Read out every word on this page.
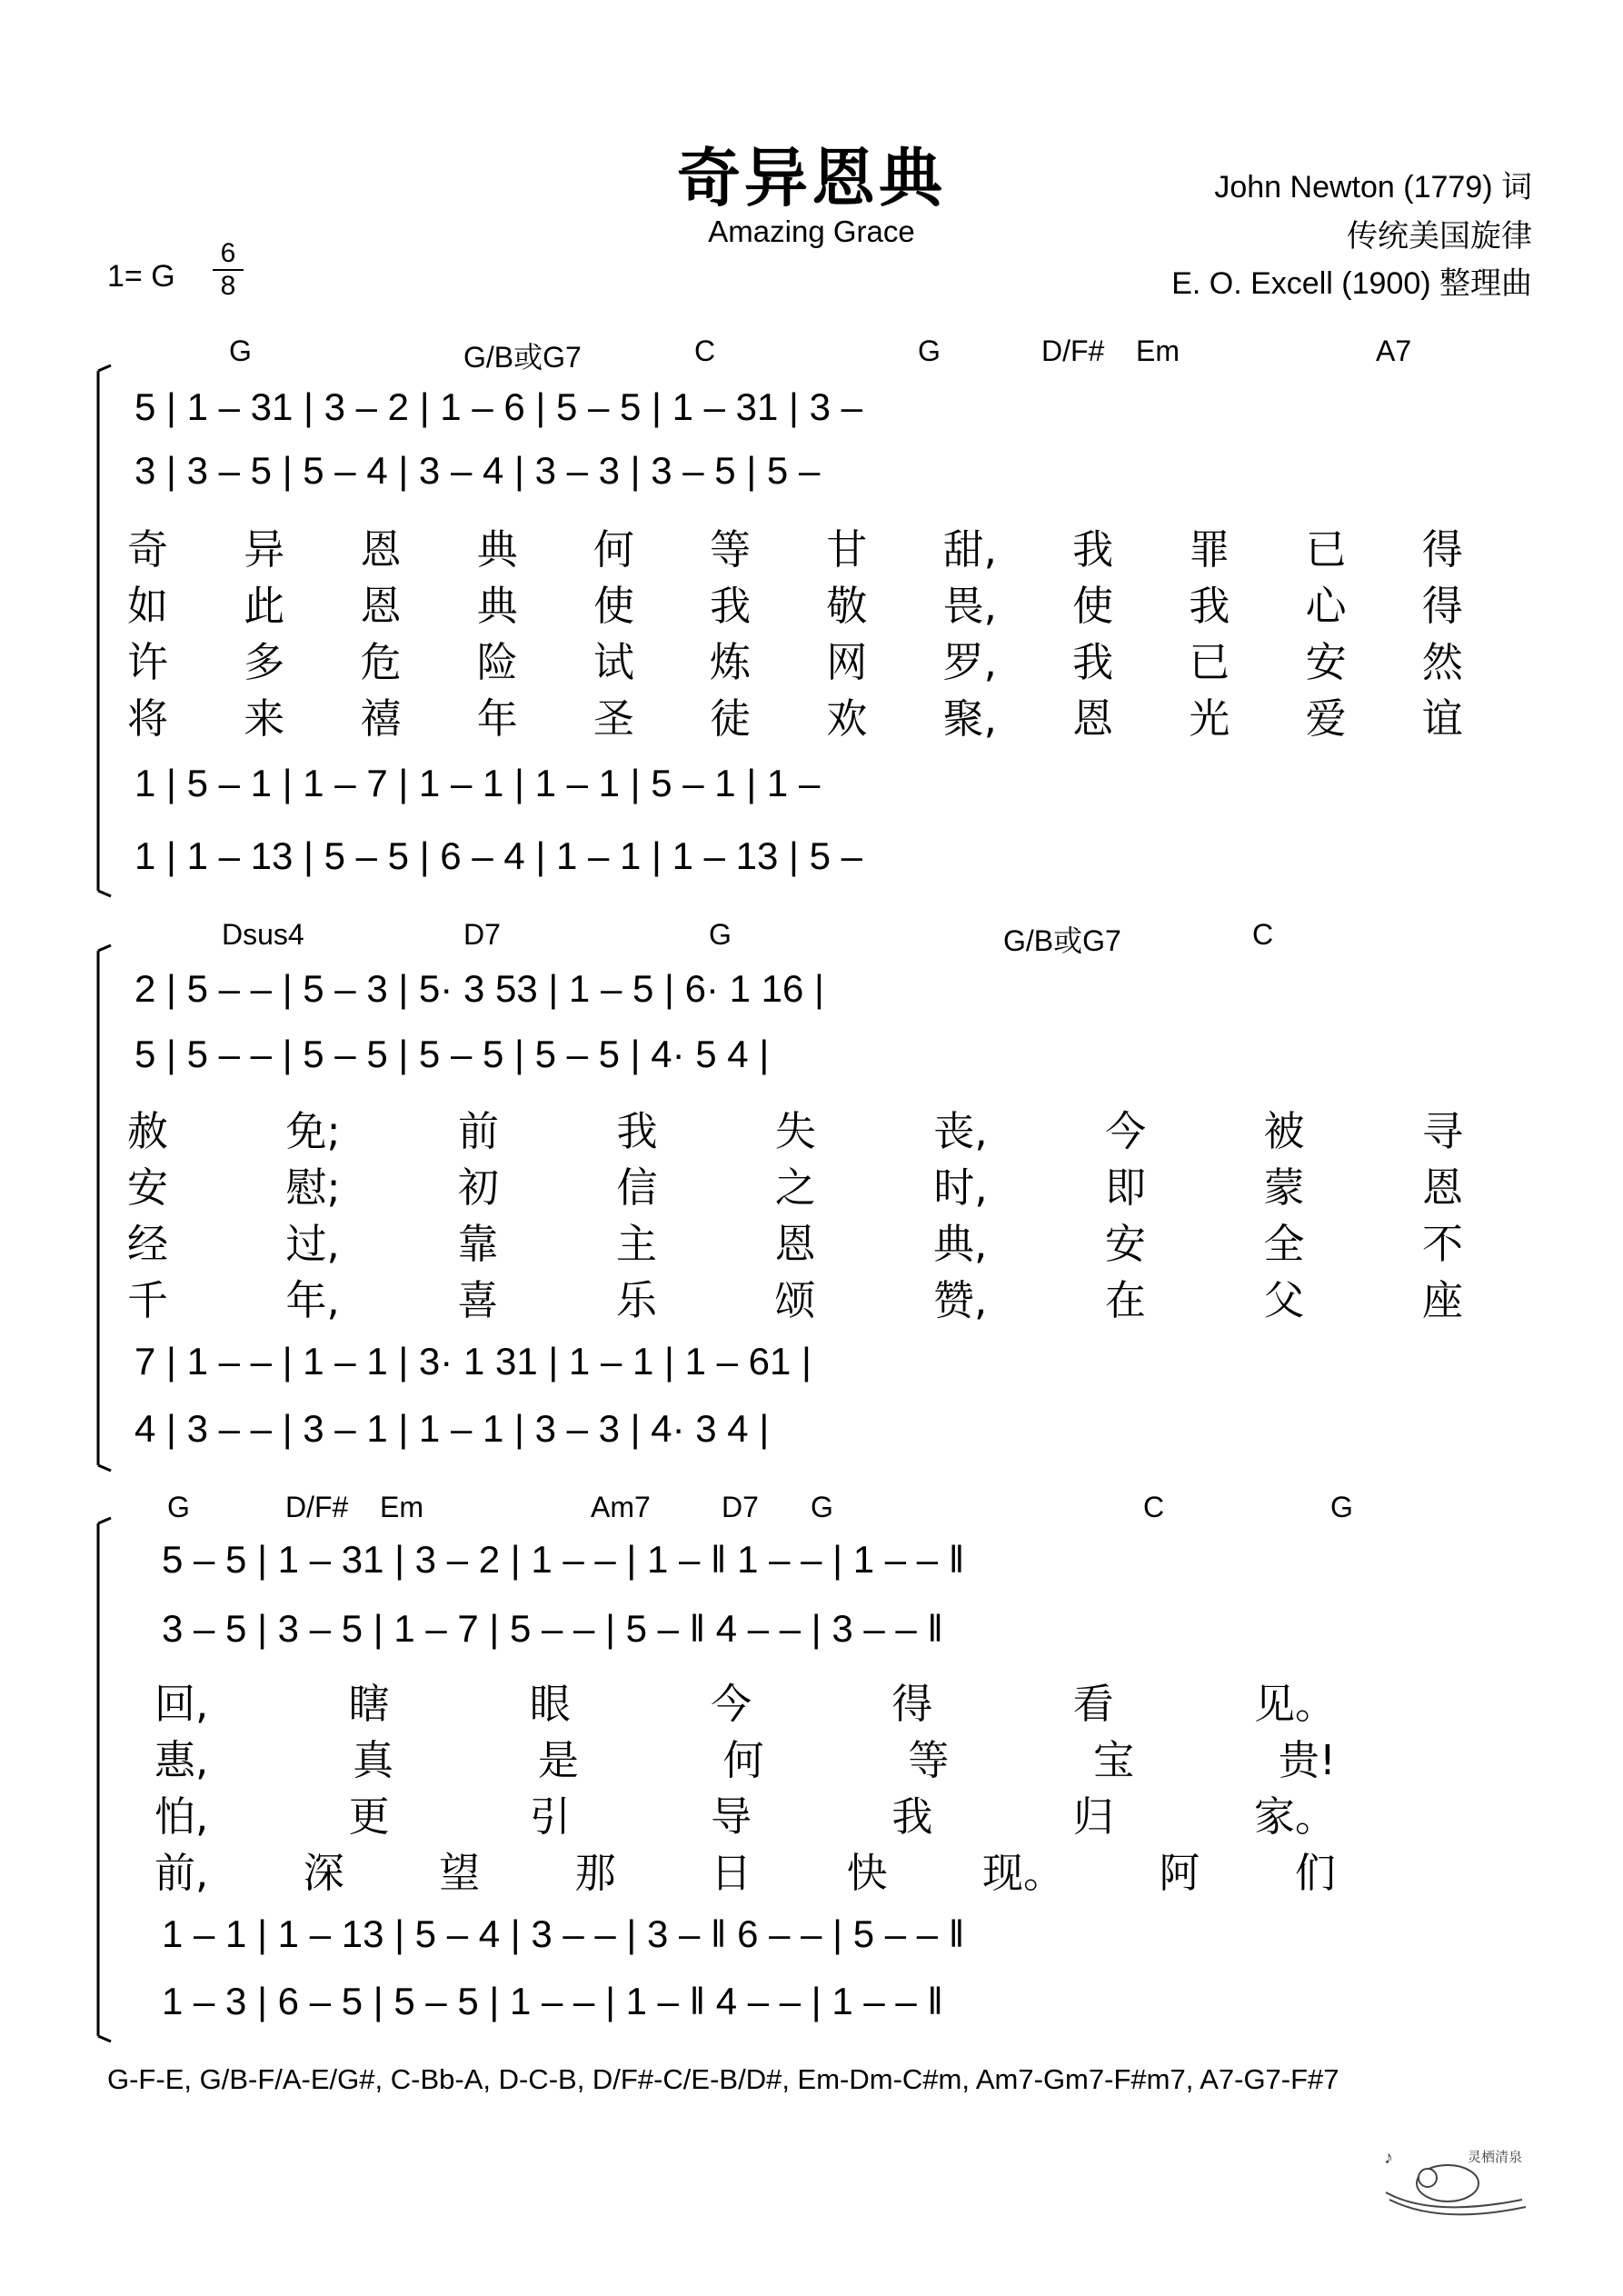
奇异恩典
Amazing Grace
John Newton (1779) 词
传统美国旋律
E. O. Excell (1900) 整理曲
1= G
6
8
G	G/B或G7	C	G	D/F# Em	A7
5 | 1 – 31 | 3 – 2 | 1 – 6 | 5 – 5 | 1 – 31 | 3 –
3 | 3 – 5 | 5 – 4 | 3 – 4 | 3 – 3 | 3 – 5 | 5 –
奇 异 恩 典 何 等 甘 甜, 我 罪 已 得
如 此 恩 典 使 我 敬 畏, 使 我 心 得
许 多 危 险 试 炼 网 罗, 我 已 安 然
将 来 禧 年 圣 徒 欢 聚, 恩 光 爱 谊
1 | 5 – 1 | 1 – 7 | 1 – 1 | 1 – 1 | 5 – 1 | 1 –
1 | 1 – 13 | 5 – 5 | 6 – 4 | 1 – 1 | 1 – 13 | 5 –
Dsus4	D7	G	G/B或G7	C
2 | 5 – – | 5 – 3 | 5· 3 53 | 1 – 5 | 6· 1 16 |
5 | 5 – – | 5 – 5 | 5 – 5 | 5 – 5 | 4· 5 4 |
赦	免;	前	我	失	丧,	今	被	寻
安	慰;	初	信	之	时,	即	蒙	恩
经	过,	靠	主	恩	典,	安	全	不
千	年,	喜	乐	颂	赞,	在	父	座
7 | 1 – – | 1 – 1 | 3· 1 31 | 1 – 1 | 1 – 61 |
4 | 3 – – | 3 – 1 | 1 – 1 | 3 – 3 | 4· 3 4 |
G	D/F# Em	Am7 D7 G	C	G
5 – 5 | 1 – 31 | 3 – 2 | 1 – – | 1 – ‖ 1 – – | 1 – – ‖
3 – 5 | 3 – 5 | 1 – 7 | 5 – – | 5 – ‖ 4 – – | 3 – – ‖
回,	瞎	眼	今	得	看	见。
惠,	真	是	何	等	宝	贵!
怕,	更	引	导	我	归	家。
前, 深 望 那 日 快 现。 阿 们
1 – 1 | 1 – 13 | 5 – 4 | 3 – – | 3 – ‖ 6 – – | 5 – – ‖
1 – 3 | 6 – 5 | 5 – 5 | 1 – – | 1 – ‖ 4 – – | 1 – – ‖
G-F-E, G/B-F/A-E/G#, C-Bb-A, D-C-B, D/F#-C/E-B/D#, Em-Dm-C#m, Am7-Gm7-F#m7, A7-G7-F#7
♪	灵栖清泉
